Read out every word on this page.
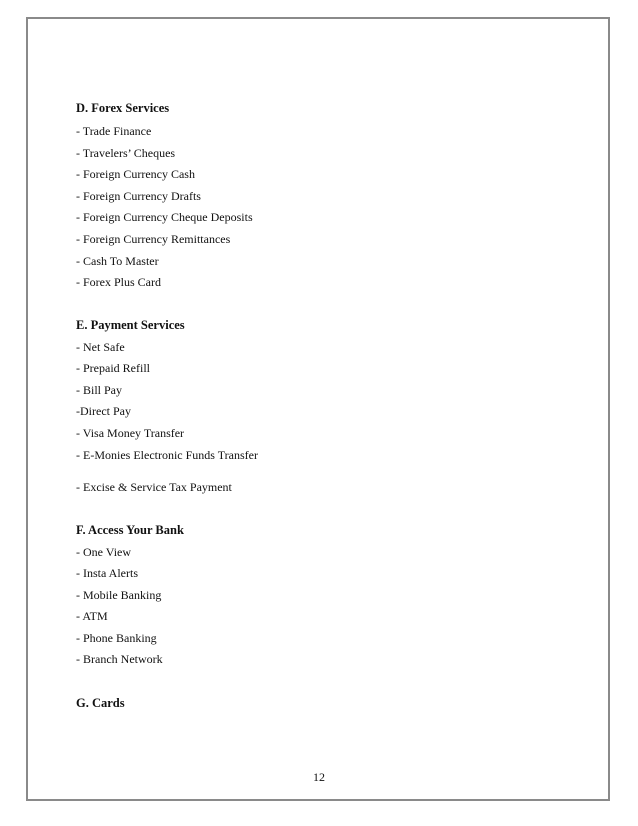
D. Forex Services
- Trade Finance
- Travelers’ Cheques
- Foreign Currency Cash
- Foreign Currency Drafts
- Foreign Currency Cheque Deposits
- Foreign Currency Remittances
- Cash To Master
- Forex Plus Card
E. Payment Services
- Net Safe
- Prepaid Refill
- Bill Pay
-Direct Pay
- Visa Money Transfer
- E-Monies Electronic Funds Transfer
- Excise & Service Tax Payment
F. Access Your Bank
- One View
- Insta Alerts
- Mobile Banking
- ATM
- Phone Banking
- Branch Network
G. Cards
12
